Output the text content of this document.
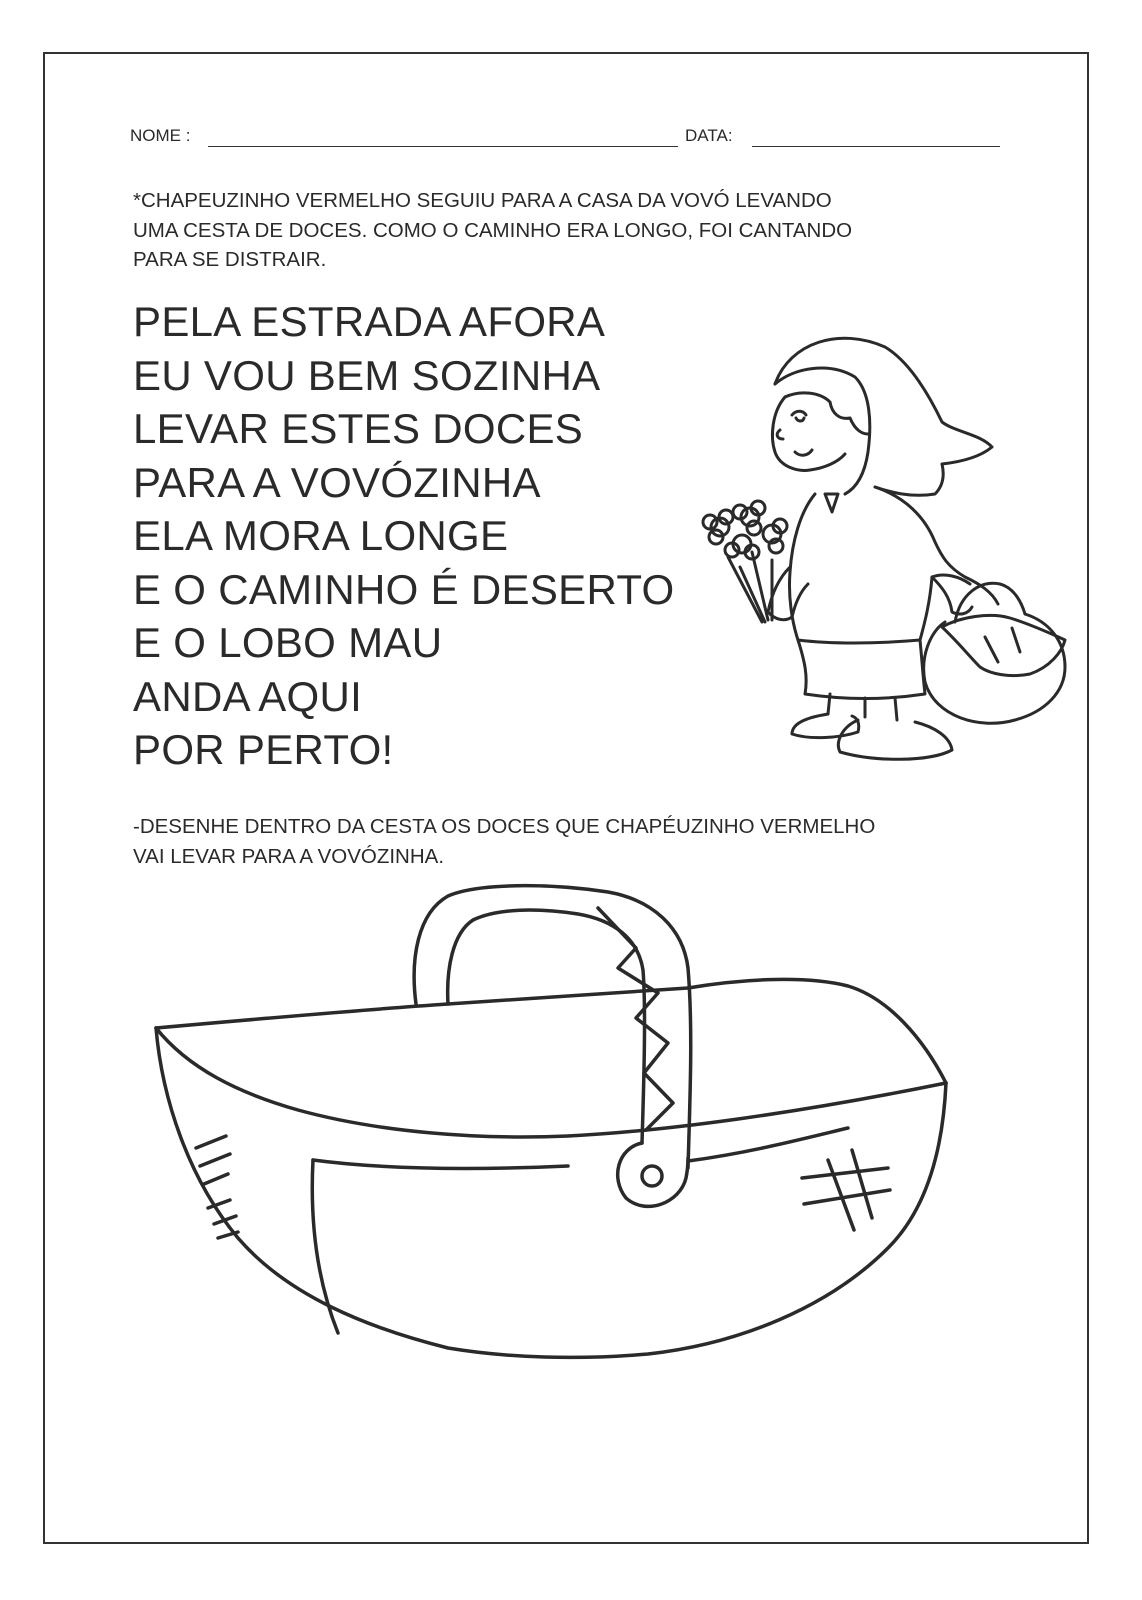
NOME :	DATA:
*CHAPEUZINHO VERMELHO SEGUIU PARA A CASA DA VOVÓ LEVANDO
UMA CESTA DE DOCES. COMO O CAMINHO ERA LONGO, FOI CANTANDO
PARA SE DISTRAIR.
PELA ESTRADA AFORA
EU VOU BEM SOZINHA
LEVAR ESTES DOCES
PARA A VOVÓZINHA
ELA MORA LONGE
E O CAMINHO É DESERTO
E O LOBO MAU
ANDA AQUI
POR PERTO!
-DESENHE DENTRO DA CESTA OS DOCES QUE CHAPÉUZINHO VERMELHO
VAI LEVAR PARA A VOVÓZINHA.
